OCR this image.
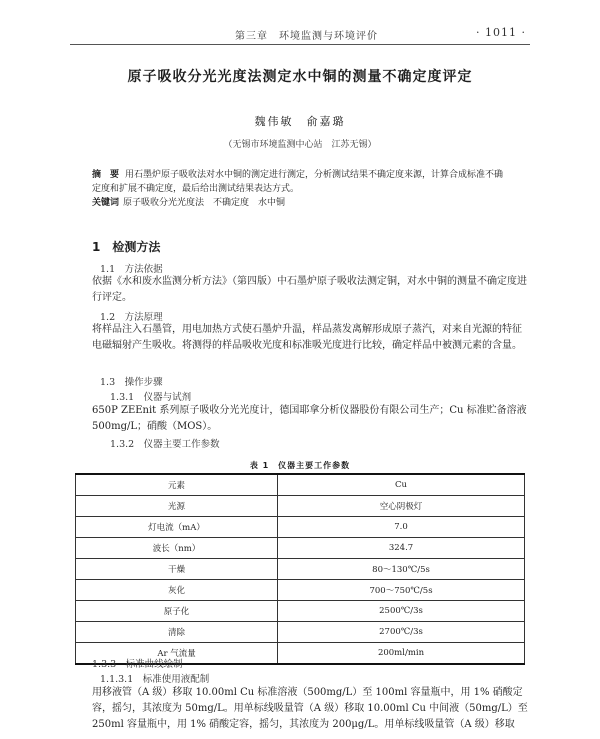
第三章　环境监测与环境评价	· 1011 ·
原子吸收分光光度法测定水中铜的测量不确定度评定
魏伟敏　俞嘉璐
（无锡市环境监测中心站　江苏无锡）
摘　要 用石墨炉原子吸收法对水中铜的测定进行测定，分析测试结果不确定度来源，计算合成标准不确定度和扩展不确定度，最后给出测试结果表达方式。
关键词 原子吸收分光光度法　不确定度　水中铜
1 检测方法
1.1　方法依据
依据《水和废水监测分析方法》（第四版）中石墨炉原子吸收法测定铜，对水中铜的测量不确定度进行评定。
1.2　方法原理
将样品注入石墨管，用电加热方式使石墨炉升温，样品蒸发离解形成原子蒸汽，对来自光源的特征电磁辐射产生吸收。将测得的样品吸收光度和标准吸光度进行比较，确定样品中被测元素的含量。
1.3　操作步骤
1.3.1　仪器与试剂
650P ZEEnit 系列原子吸收分光光度计，德国耶拿分析仪器股份有限公司生产；Cu 标准贮备溶液 500mg/L；硝酸（MOS）。
1.3.2　仪器主要工作参数
表 1　仪器主要工作参数
元素	Cu
光源	空心阴极灯
灯电流（mA）	7.0
波长（nm）	324.7
干燥	80～130℃/5s
灰化	700～750℃/5s
原子化	2500℃/3s
清除	2700℃/3s
Ar 气流量	200ml/min
1.3.3　标准曲线绘制
1.1.3.1　标准使用液配制
用移液管（A 级）移取 10.00ml Cu 标准溶液（500mg/L）至 100ml 容量瓶中，用 1% 硝酸定容，摇匀，其浓度为 50mg/L。用单标线吸量管（A 级）移取 10.00ml Cu 中间液（50mg/L）至 250ml 容量瓶中，用 1% 硝酸定容，摇匀，其浓度为 200μg/L。用单标线吸量管（A 级）移取
